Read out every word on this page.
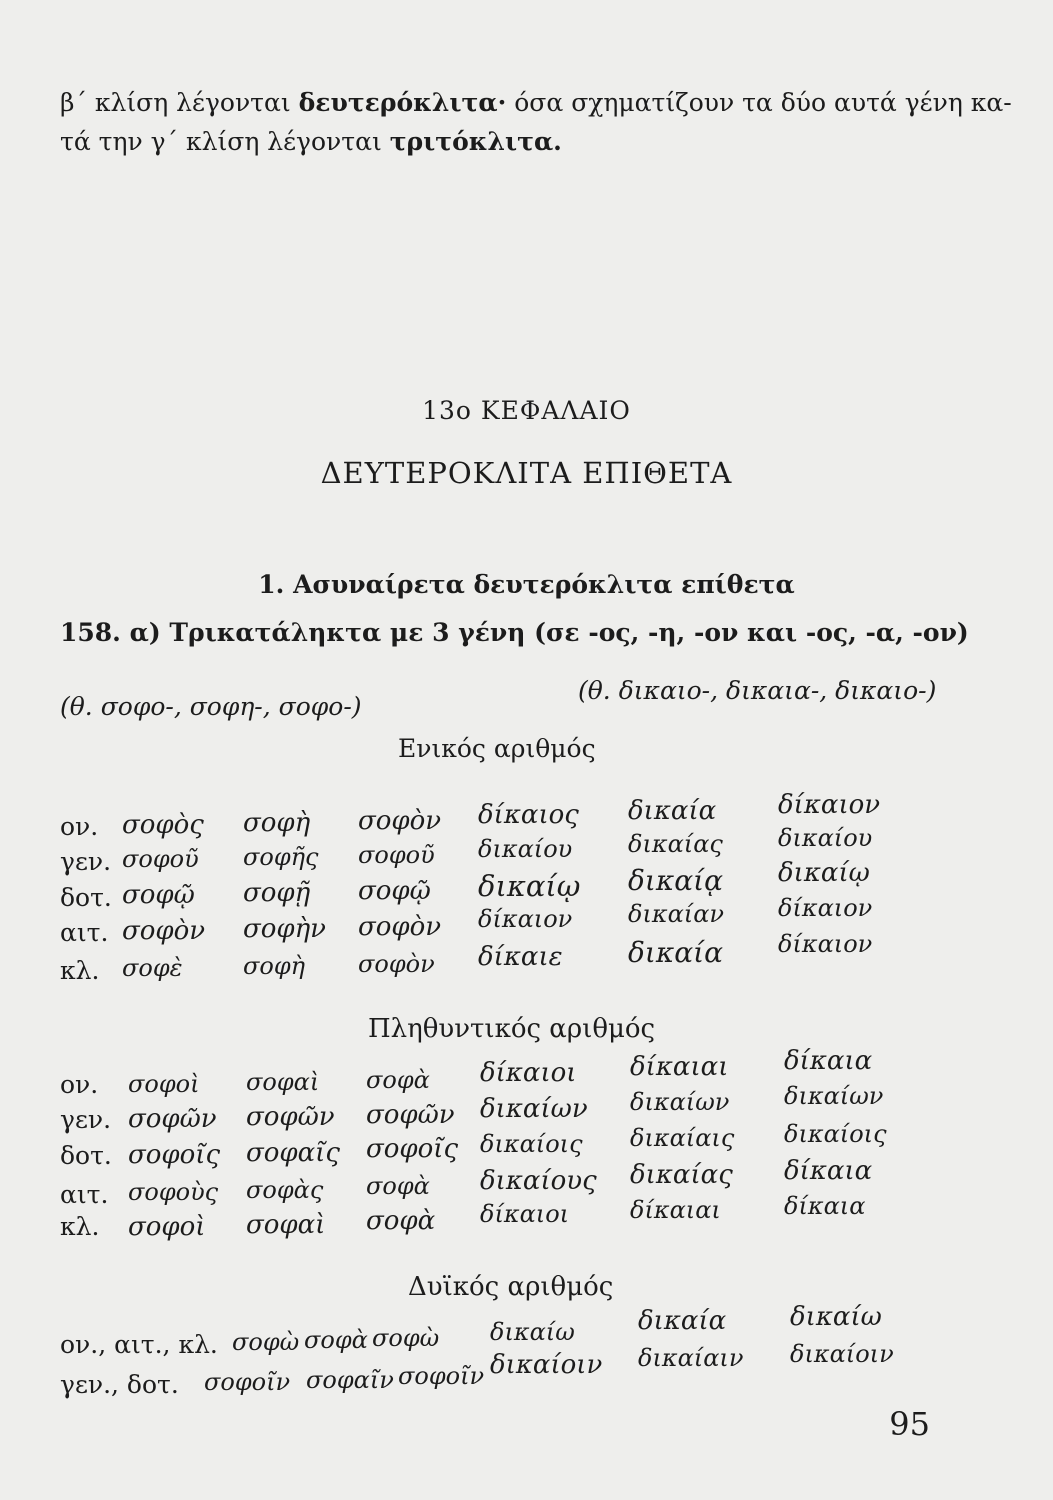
β΄ κλίση λέγονται δευτερόκλιτα· όσα σχηματίζουν τα δύο αυτά γένη κα-
τά την γ΄ κλίση λέγονται τριτόκλιτα.
13ο ΚΕΦΑΛΑΙΟ
ΔΕΥΤΕΡΟΚΛΙΤΑ ΕΠΙΘΕΤΑ
1. Ασυναίρετα δευτερόκλιτα επίθετα
158. α) Τρικατάληκτα με 3 γένη (σε -ος, -η, -ον και -ος, -α, -ον)
(θ. σοφο-, σοφη-, σοφο-)
(θ. δικαιο-, δικαια-, δικαιο-)
Ενικός αριθμός
ον. σοφὸς σοφὴ σοφὸν δίκαιος δικαία δίκαιον
γεν. σοφοῦ σοφῆς σοφοῦ δικαίου δικαίας δικαίου
δοτ. σοφῷ σοφῇ σοφῷ δικαίῳ δικαίᾳ δικαίῳ
αιτ. σοφὸν σοφὴν σοφὸν δίκαιον δικαίαν δίκαιον
κλ. σοφὲ	σοφὴ σοφὸν δίκαιε δικαία δίκαιον
Πληθυντικός αριθμός
ον. σοφοὶ σοφαὶ σοφὰ δίκαιοι δίκαιαι δίκαια
γεν. σοφῶν σοφῶν σοφῶν δικαίων δικαίων δικαίων
δοτ. σοφοῖς σοφαῖς σοφοῖς δικαίοις δικαίαις δικαίοις
αιτ. σοφοὺς σοφὰς σοφὰ δικαίους δικαίας δίκαια
κλ. σοφοὶ σοφαὶ σοφὰ δίκαιοι	δίκαιαι	δίκαια
Δυϊκός αριθμός
ον., αιτ., κλ. σοφὼ σοφὰ σοφὼ δικαίω δικαία δικαίω
γεν., δοτ. σοφοῖν σοφαῖν σοφοῖν δικαίοιν δικαίαιν δικαίοιν
95
